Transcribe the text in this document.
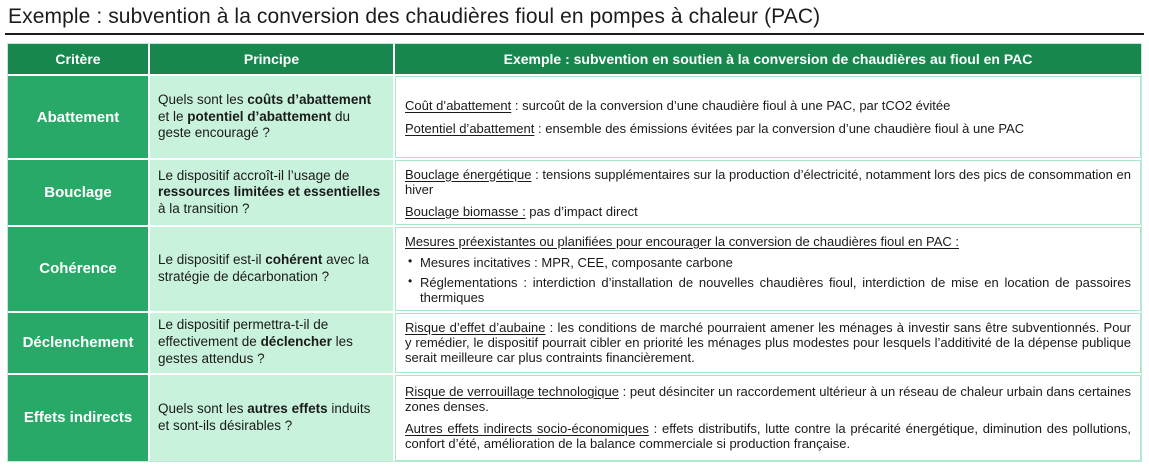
Exemple : subvention à la conversion des chaudières fioul en pompes à chaleur (PAC)
Critère	Principe	Exemple : subvention en soutien à la conversion de chaudières au fioul en PAC
Abattement
Quels sont les coûts d’abattement et le potentiel d’abattement du geste encouragé ?
Coût d’abattement : surcoût de la conversion d’une chaudière fioul à une PAC, par tCO2 évitée
Potentiel d’abattement : ensemble des émissions évitées par la conversion d’une chaudière fioul à une PAC
Bouclage
Le dispositif accroît-il l’usage de ressources limitées et essentielles à la transition ?
Bouclage énergétique : tensions supplémentaires sur la production d’électricité, notamment lors des pics de consommation en hiver
Bouclage biomasse : pas d’impact direct
Cohérence
Le dispositif est-il cohérent avec la stratégie de décarbonation ?
Mesures préexistantes ou planifiées pour encourager la conversion de chaudières fioul en PAC :
• Mesures incitatives : MPR, CEE, composante carbone
• Réglementations : interdiction d’installation de nouvelles chaudières fioul, interdiction de mise en location de passoires thermiques
Déclenchement
Le dispositif permettra-t-il de effectivement de déclencher les gestes attendus ?
Risque d’effet d’aubaine : les conditions de marché pourraient amener les ménages à investir sans être subventionnés. Pour y remédier, le dispositif pourrait cibler en priorité les ménages plus modestes pour lesquels l’additivité de la dépense publique serait meilleure car plus contraints financièrement.
Effets indirects
Quels sont les autres effets induits et sont-ils désirables ?
Risque de verrouillage technologique : peut désinciter un raccordement ultérieur à un réseau de chaleur urbain dans certaines zones denses.
Autres effets indirects socio-économiques : effets distributifs, lutte contre la précarité énergétique, diminution des pollutions, confort d’été, amélioration de la balance commerciale si production française.
